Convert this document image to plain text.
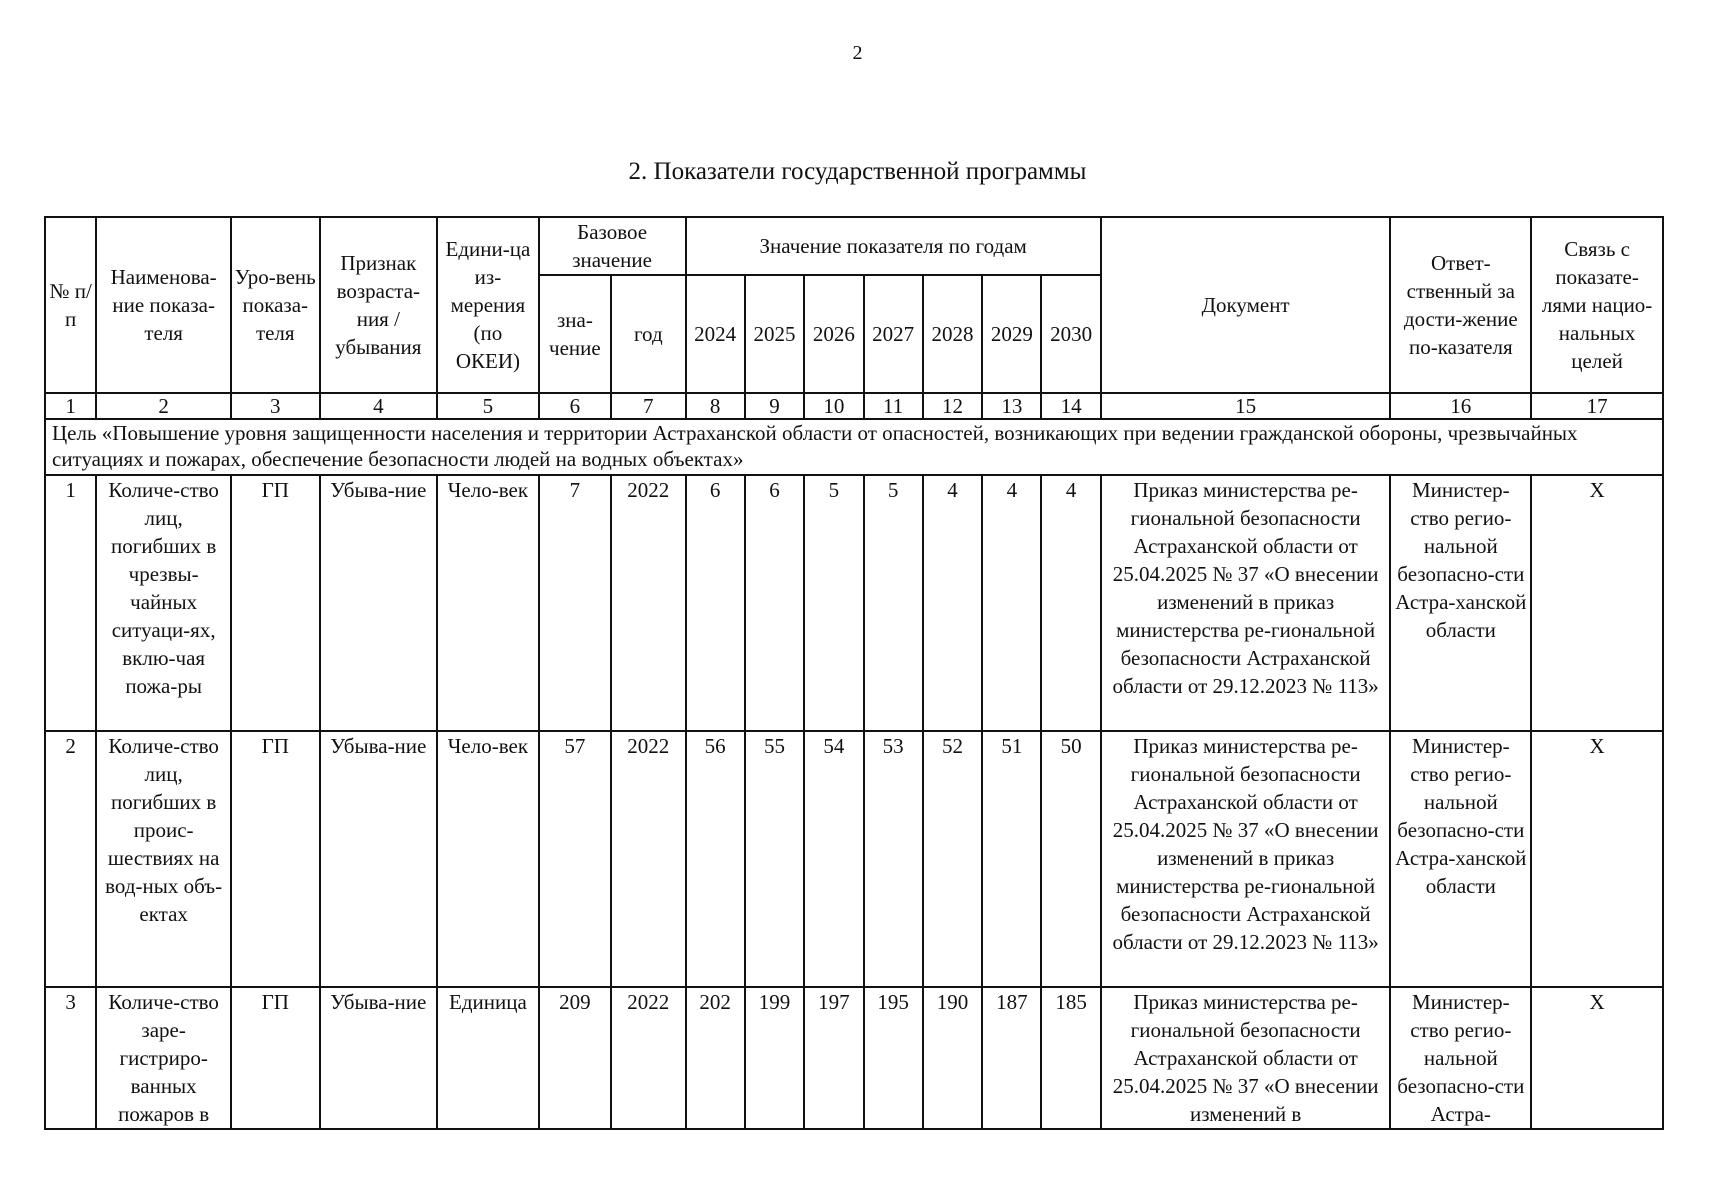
2
2. Показатели государственной программы
№ п/п	Наименова-ние показа-теля	Уро-вень показа-теля	Признак возраста-ния / убывания	Едини-ца из-мерения (по ОКЕИ)	Базовое значение		Значение показателя по годам							Документ	Ответ-ственный за дости-жение по-казателя	Связь с показате-лями нацио-нальных целей
					зна-чение	год	2024	2025	2026	2027	2028	2029	2030			
1	2	3	4	5	6	7	8	9	10	11	12	13	14	15	16	17
Цель «Повышение уровня защищенности населения и территории Астраханской области от опасностей, возникающих при ведении гражданской обороны, чрезвычайных ситуациях и пожарах, обеспечение безопасности людей на водных объектах»																
1	Количе-ство лиц, погибших в чрезвы-чайных ситуаци-ях, вклю-чая пожа-ры	ГП	Убыва-ние	Чело-век	7	2022	6	6	5	5	4	4	4	Приказ министерства ре-гиональной безопасности Астраханской области от 25.04.2025 № 37 «О внесении изменений в приказ министерства ре-гиональной безопасности Астраханской области от 29.12.2023 № 113»	Министер-ство регио-нальной безопасно-сти Астра-ханской области	Х
2	Количе-ство лиц, погибших в проис-шествиях на вод-ных объ-ектах	ГП	Убыва-ние	Чело-век	57	2022	56	55	54	53	52	51	50	Приказ министерства ре-гиональной безопасности Астраханской области от 25.04.2025 № 37 «О внесении изменений в приказ министерства ре-гиональной безопасности Астраханской области от 29.12.2023 № 113»	Министер-ство регио-нальной безопасно-сти Астра-ханской области	Х
3	Количе-ство заре-гистриро-ванных пожаров в	ГП	Убыва-ние	Единица	209	2022	202	199	197	195	190	187	185	Приказ министерства ре-гиональной безопасности Астраханской области от 25.04.2025 № 37 «О внесении изменений в	Министер-ство регио-нальной безопасно-сти Астра-	Х
